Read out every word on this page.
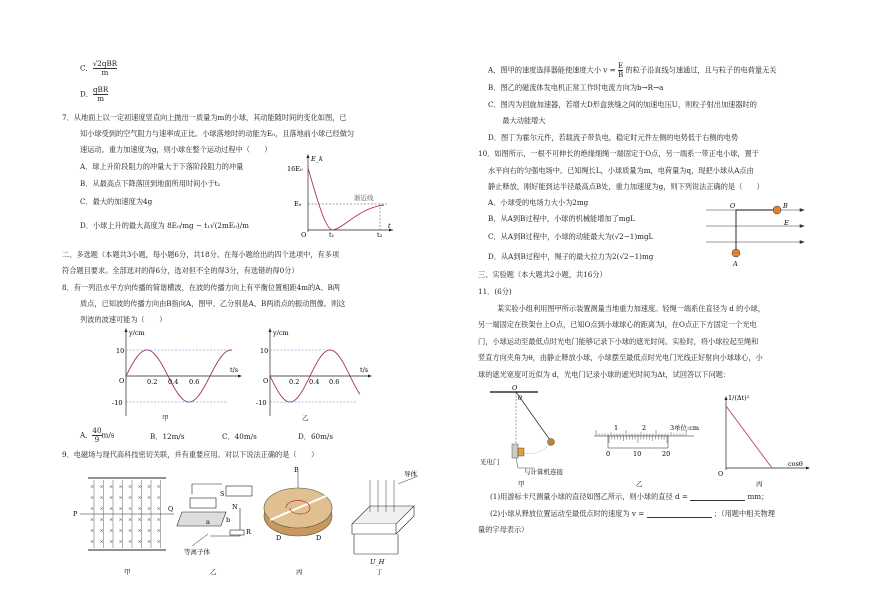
C． √2qBR
m

D． qBR
m

7．从地面上以一定初速度竖直向上抛出一质量为m的小球，其动能随时间的变化如图，已

知小球受到的空气阻力与速率成正比。小球落地时的动能为E₀，且落地前小球已经做匀

速运动。重力加速度为g，则小球在整个运动过程中（　　）

A．球上升阶段阻力的冲量大于下落阶段阻力的冲量

B．从最高点下降落回到地面所用时间小于t₁

C．最大的加速度为4g

D．小球上升的最大高度为 8E₀/mg − t₁√(2mE₀)/m

E_k
16E₀
E₀
O	t₁	t₂
t
渐近线

二、多选题（本题共3小题，每小题6分，共18分。在每小题给出的四个选项中，有多项

符合题目要求。全部选对的得6分，选对但不全的得3分，有选错的得0分）

8．有一列沿水平方向传播的简谐横波，在波的传播方向上有平衡位置相距4m的A、B两

质点，已知波的传播方向由B指向A，图甲、乙分别是A、B两质点的振动图像。则这

列波的波速可能为（　　）

y/cm
t/s
10
-10
O	0.2 0.4 0.6
甲
y/cm
t/s
10
-10
O	0.2 0.4 0.6
乙

A． $\frac{40}{9} m/s$	B．12m/s	C．40m/s	D．60m/s

9．电磁场与现代高科技密切关联，并有重要应用。对以下说法正确的是（　　）

× × × × × × × ×
× × × × × × × ×
× × × × × × × ×
× × × × × × × ×
× × × × × × × ×
× × × × × × × ×
P
Q
甲
S
N
a b
R
等离子体
乙
B
D	D
丙
导体
U_H
丁

A．图甲的速度选择器能使速度大小 $v = \frac{E}{B}$ 的粒子沿直线匀速通过，且与粒子的电荷量无关

B．图乙的磁流体发电机正常工作时电流方向为b→R→a

C．图丙为回旋加速器，若增大D形盒狭缝之间的加速电压U，则粒子射出加速器时的

　　最大动能增大

D．图丁为霍尔元件，若载流子带负电，稳定时元件左侧的电势低于右侧的电势

10．如图所示，一根不可伸长的绝缘细绳一端固定于O点，另一端系一带正电小球，置于

水平向右的匀强电场中。已知绳长L，小球质量为m，电荷量为q，现把小球从A点由

静止释放，刚好能到达半径最高点B处，重力加速度为g，则下列说法正确的是（　　）

A．小球受的电场力大小为2mg

B．从A到B过程中，小球的机械能增加了mgL

C．从A到B过程中，小球的动能最大为(√2−1)mgL

D．从A到B过程中，绳子的最大拉力为2(√2−1)mg

O	B
E
A

三、实验题（本大题共2小题，共16分）

11．(6分)

某实验小组利用图甲所示装置测量当地重力加速度。轻绳一端系住直径为 d 的小球，

另一端固定在铁架台上O点，已知O点到小球球心的距离为l，在O点正下方固定一个光电

门，小球运动至最低点时光电门能够记录下小球的遮光时间。实验时，将小球拉起至绳和

竖直方向夹角为θ，由静止释放小球，小球摆至最低点时光电门光线正好射向小球球心，小

球的遮光宽度可近似为 d，光电门记录小球的遮光时间为Δt，试回答以下问题：

θ
O
光电门
与计算机连接
甲
1	2	3 单位:cm
0	10	20
乙
1/(Δt)²
cosθ
O
丙

(1)用游标卡尺测量小球的直径如图乙所示，则小球的直径 d =	mm；

(2)小球从释放位置运动至最低点时的速度为 v =	；（用题中相关物理

量的字母表示）
